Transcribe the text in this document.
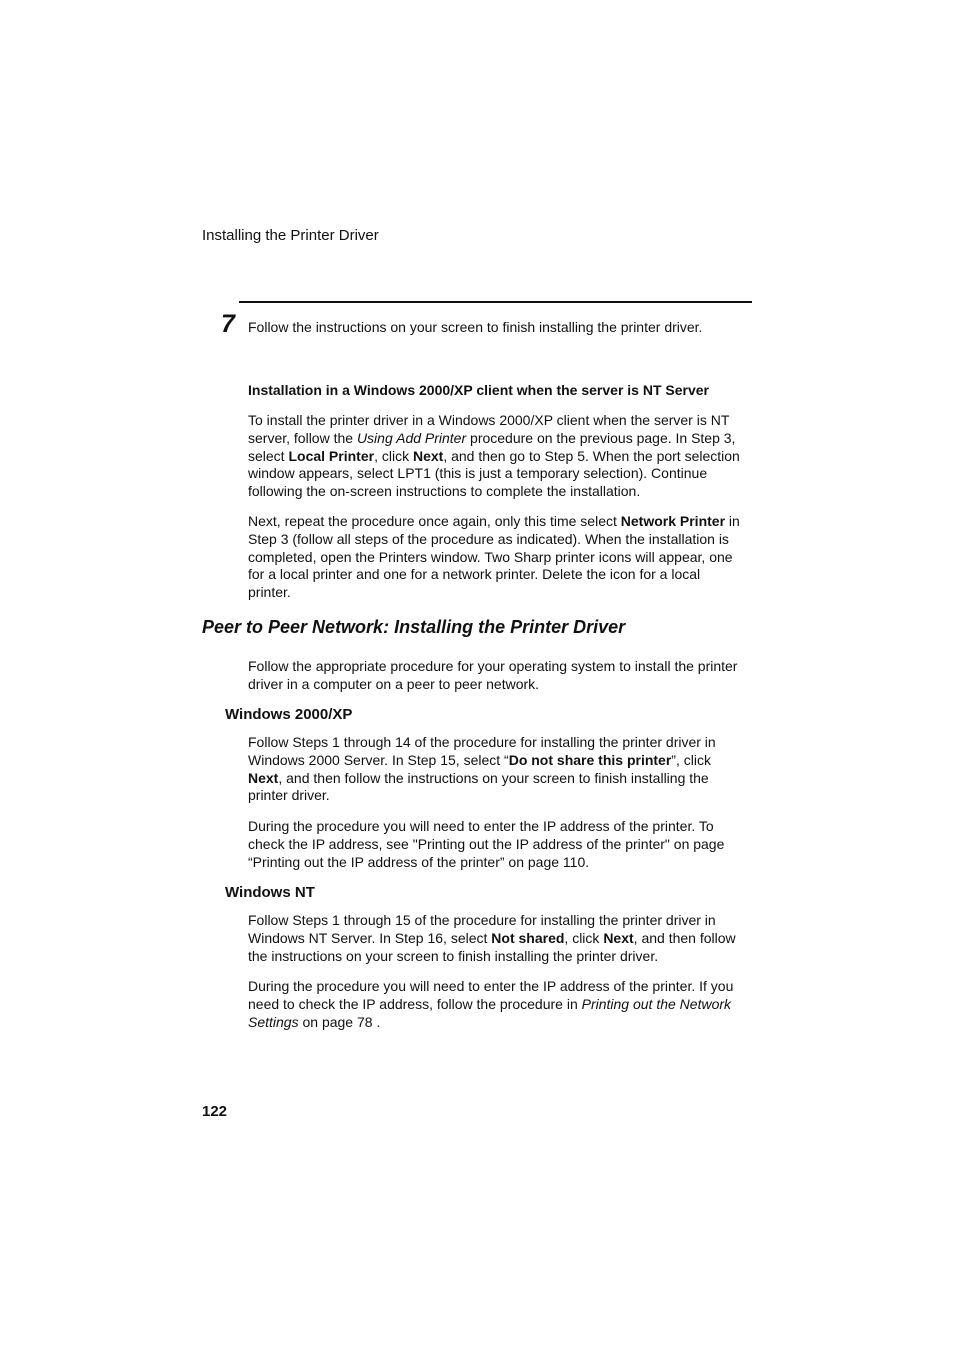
Installing the Printer Driver
7 Follow the instructions on your screen to finish installing the printer driver.
Installation in a Windows 2000/XP client when the server is NT Server

To install the printer driver in a Windows 2000/XP client when the server is NT server, follow the Using Add Printer procedure on the previous page. In Step 3, select Local Printer, click Next, and then go to Step 5. When the port selection window appears, select LPT1 (this is just a temporary selection). Continue following the on-screen instructions to complete the installation.

Next, repeat the procedure once again, only this time select Network Printer in Step 3 (follow all steps of the procedure as indicated). When the installation is completed, open the Printers window. Two Sharp printer icons will appear, one for a local printer and one for a network printer. Delete the icon for a local printer.

Peer to Peer Network: Installing the Printer Driver

Follow the appropriate procedure for your operating system to install the printer driver in a computer on a peer to peer network.

Windows 2000/XP

Follow Steps 1 through 14 of the procedure for installing the printer driver in Windows 2000 Server. In Step 15, select “Do not share this printer”, click Next, and then follow the instructions on your screen to finish installing the printer driver.

During the procedure you will need to enter the IP address of the printer. To check the IP address, see "Printing out the IP address of the printer" on page “Printing out the IP address of the printer” on page 110.

Windows NT

Follow Steps 1 through 15 of the procedure for installing the printer driver in Windows NT Server. In Step 16, select Not shared, click Next, and then follow the instructions on your screen to finish installing the printer driver.

During the procedure you will need to enter the IP address of the printer. If you need to check the IP address, follow the procedure in Printing out the Network Settings on page 78 .

122
